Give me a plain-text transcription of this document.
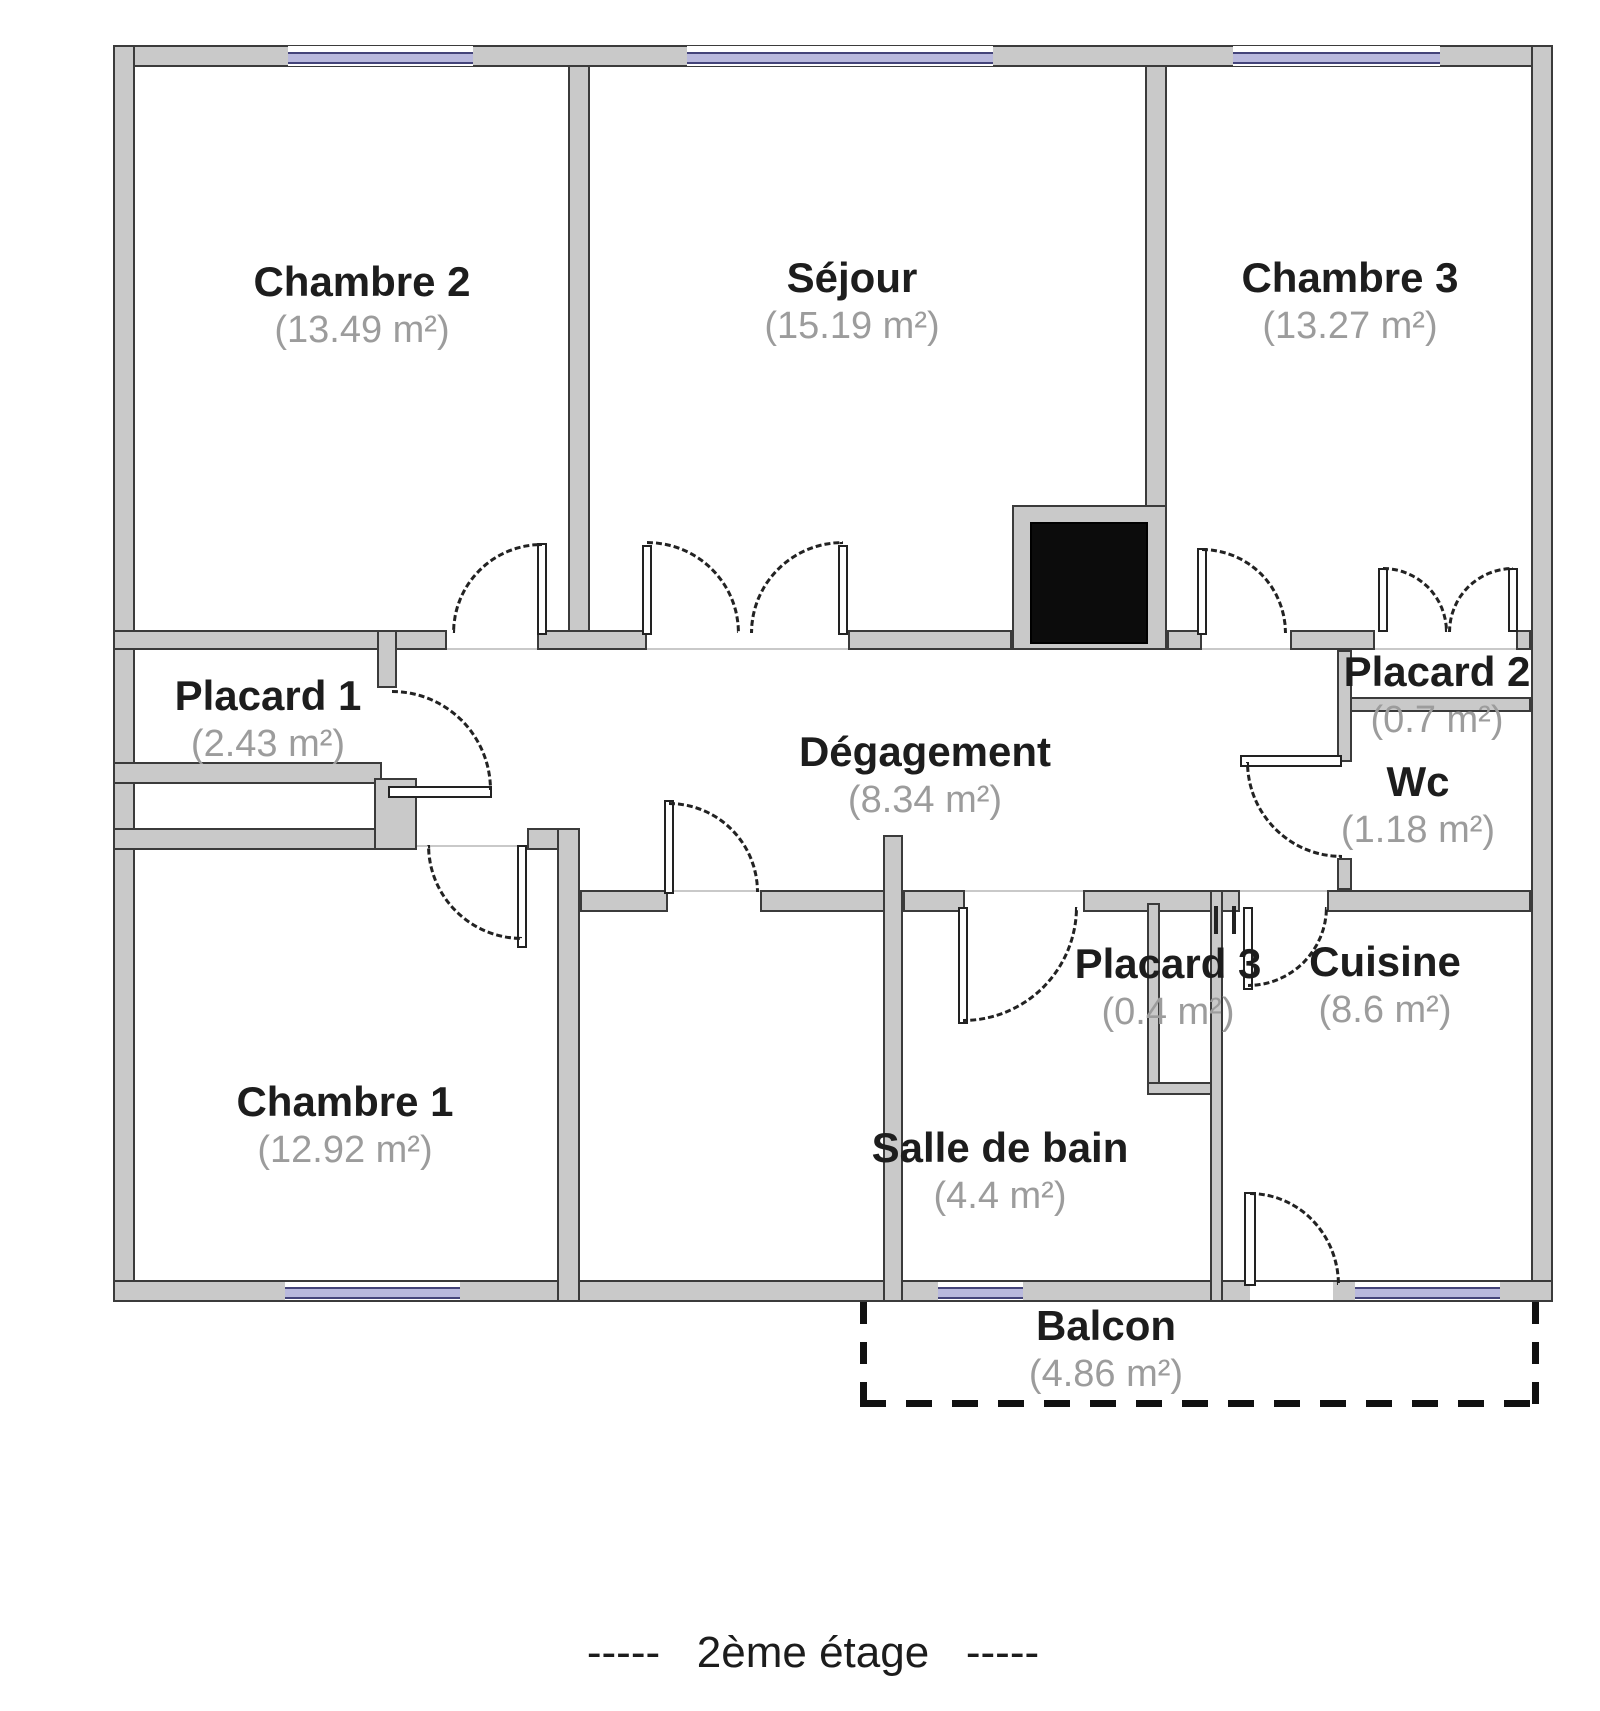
Chambre 2
(13.49 m²)
Séjour
(15.19 m²)
Chambre 3
(13.27 m²)
Placard 1
(2.43 m²)	Dégagement
(8.34 m²)
Placard 2
(0.7 m²)
Wc
(1.18 m²)
Chambre 1
(12.92 m²)
Placard 3
(0.4 m²)
Salle de bain
(4.4 m²)
Cuisine
(8.6 m²)
Balcon
(4.86 m²)
-----   2ème étage   -----
